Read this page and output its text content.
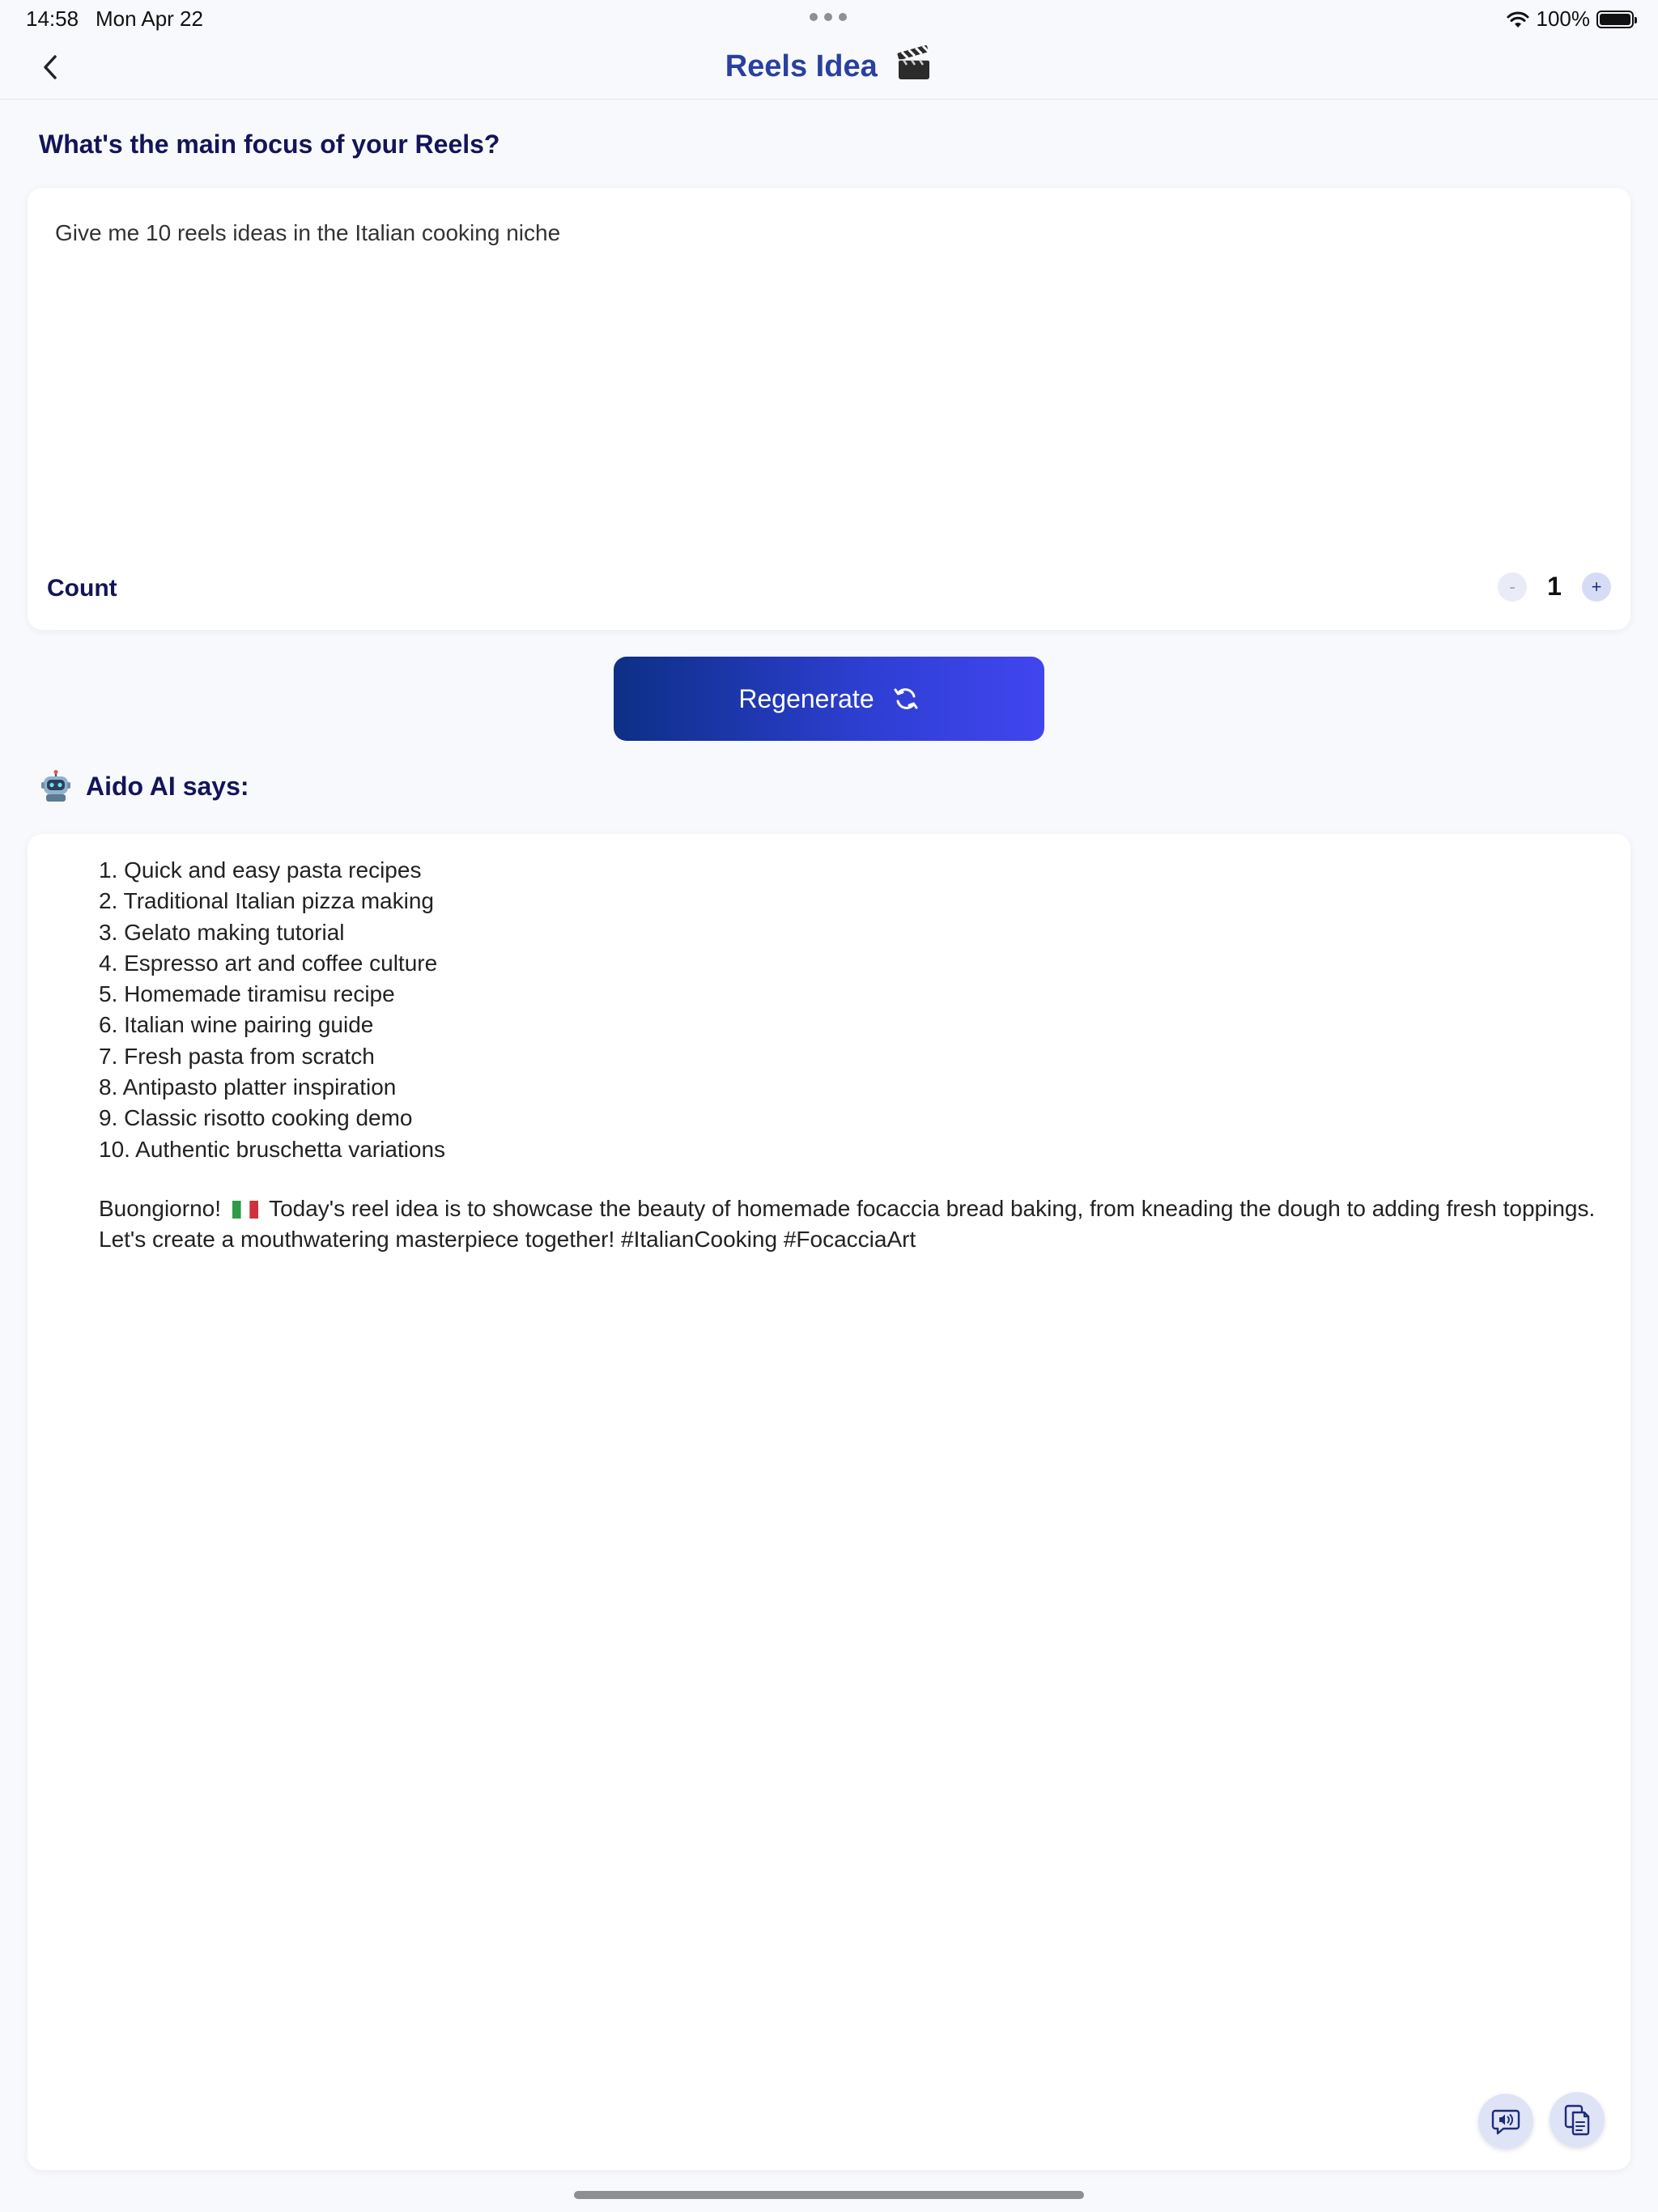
14:58 Mon Apr 22	100%
Reels Idea
What's the main focus of your Reels?
Give me 10 reels ideas in the Italian cooking niche
Count	-	1	+
Regenerate
Aido AI says:
1. Quick and easy pasta recipes
2. Traditional Italian pizza making
3. Gelato making tutorial
4. Espresso art and coffee culture
5. Homemade tiramisu recipe
6. Italian wine pairing guide
7. Fresh pasta from scratch
8. Antipasto platter inspiration
9. Classic risotto cooking demo
10. Authentic bruschetta variations

Buongiorno! Today's reel idea is to showcase the beauty of homemade focaccia bread baking, from kneading the dough to adding fresh toppings. Let's create a mouthwatering masterpiece together! #ItalianCooking #FocacciaArt
